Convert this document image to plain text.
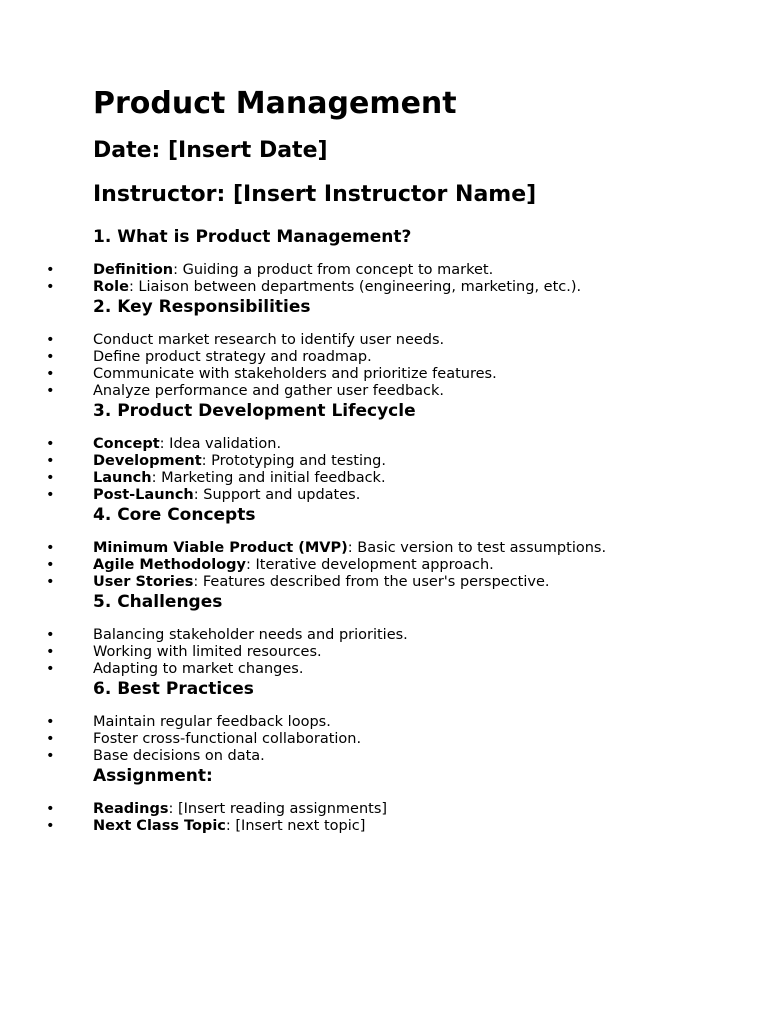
Product Management
Date: [Insert Date]
Instructor: [Insert Instructor Name]
1. What is Product Management?
• Definition: Guiding a product from concept to market.
• Role: Liaison between departments (engineering, marketing, etc.).
2. Key Responsibilities
• Conduct market research to identify user needs.
• Define product strategy and roadmap.
• Communicate with stakeholders and prioritize features.
• Analyze performance and gather user feedback.
3. Product Development Lifecycle
• Concept: Idea validation.
• Development: Prototyping and testing.
• Launch: Marketing and initial feedback.
• Post-Launch: Support and updates.
4. Core Concepts
• Minimum Viable Product (MVP): Basic version to test assumptions.
• Agile Methodology: Iterative development approach.
• User Stories: Features described from the user's perspective.
5. Challenges
• Balancing stakeholder needs and priorities.
• Working with limited resources.
• Adapting to market changes.
6. Best Practices
• Maintain regular feedback loops.
• Foster cross-functional collaboration.
• Base decisions on data.
Assignment:
• Readings: [Insert reading assignments]
• Next Class Topic: [Insert next topic]
